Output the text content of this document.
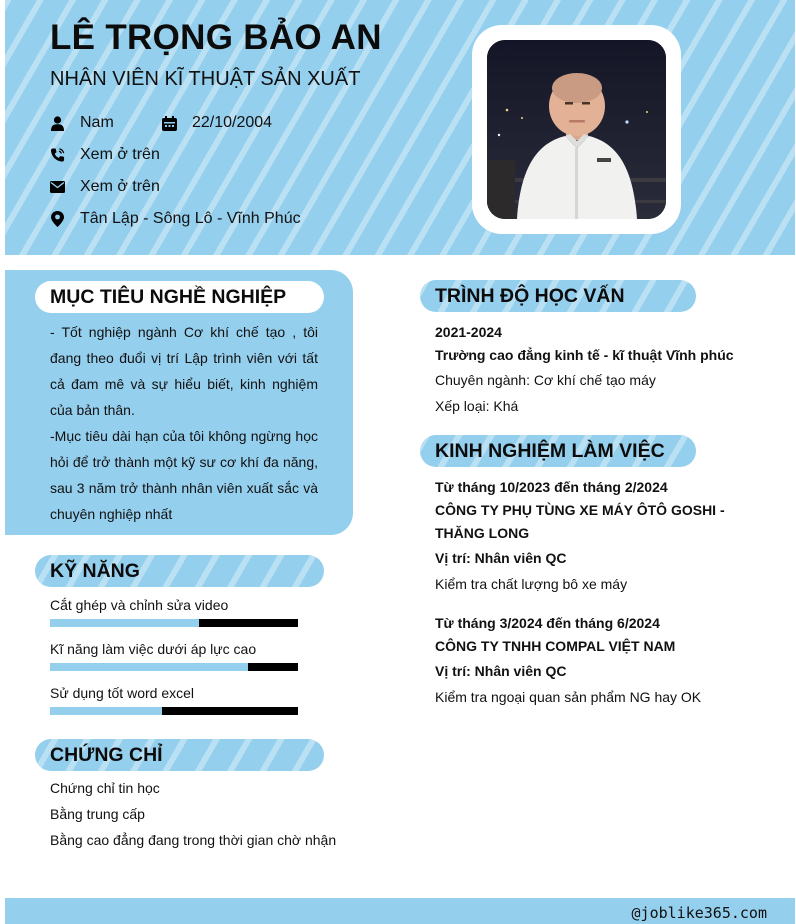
LÊ TRỌNG BẢO AN
NHÂN VIÊN KĨ THUẬT SẢN XUẤT
Nam	22/10/2004
Xem ở trên
Xem ở trên
Tân Lập - Sông Lô - Vĩnh Phúc
MỤC TIÊU NGHỀ NGHIỆP

- Tốt nghiệp ngành Cơ khí chế tạo , tôi đang theo đuổi vị trí Lập trình viên với tất cả đam mê và sự hiểu biết, kinh nghiệm của bản thân.

-Mục tiêu dài hạn của tôi không ngừng học hỏi để trở thành một kỹ sư cơ khí đa năng, sau 3 năm trở thành nhân viên xuất sắc và chuyên nghiệp nhất

KỸ NĂNG
Cắt ghép và chỉnh sửa video
Kĩ năng làm việc dưới áp lực cao
Sử dụng tốt word excel
CHỨNG CHỈ
Chứng chỉ tin học
Bằng trung cấp
Bằng cao đẳng đang trong thời gian chờ nhận
TRÌNH ĐỘ HỌC VẤN
2021-2024
Trường cao đẳng kinh tế - kĩ thuật Vĩnh phúc
Chuyên ngành: Cơ khí chế tạo máy
Xếp loại: Khá
KINH NGHIỆM LÀM VIỆC
Từ tháng 10/2023 đến tháng 2/2024
CÔNG TY PHỤ TÙNG XE MÁY ÔTÔ GOSHI - THĂNG LONG
Vị trí: Nhân viên QC
Kiểm tra chất lượng bô xe máy
Từ tháng 3/2024 đến tháng 6/2024
CÔNG TY TNHH COMPAL VIỆT NAM
Vị trí: Nhân viên QC
Kiểm tra ngoại quan sản phẩm NG hay OK
@joblike365.com
